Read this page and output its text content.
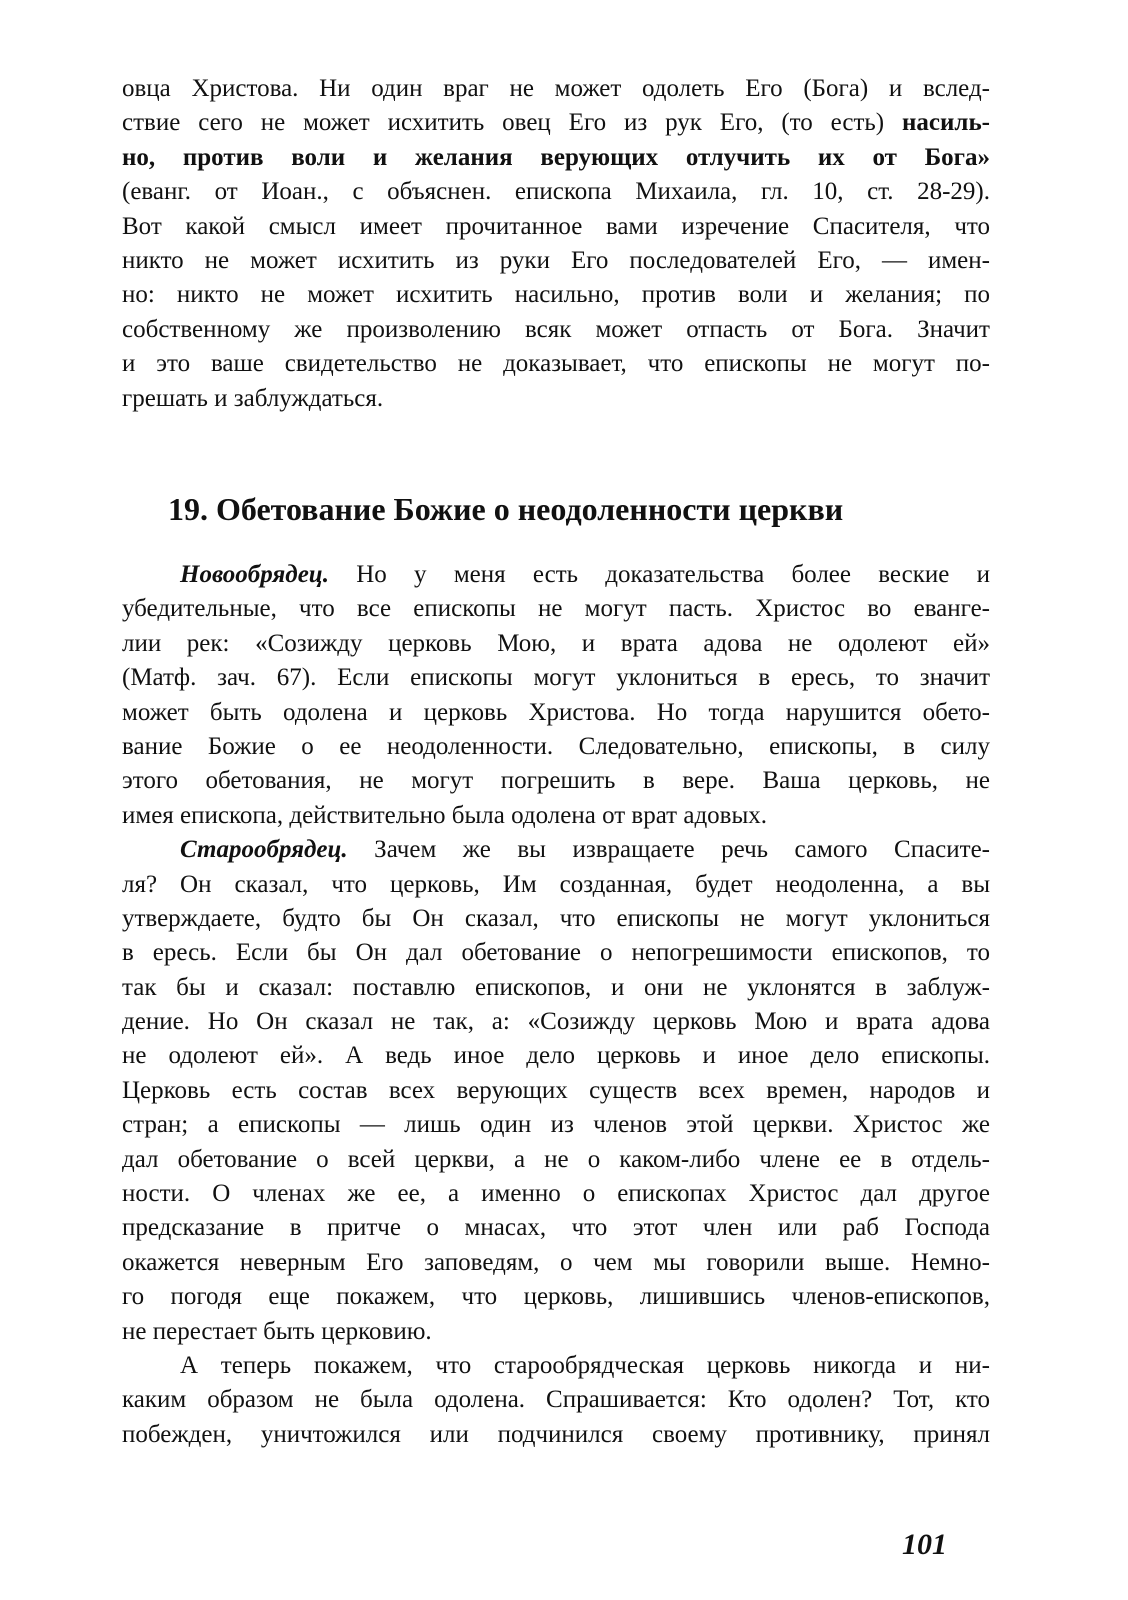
овца Христова. Ни один враг не может одолеть Его (Бога) и вслед-
ствие сего не может исхитить овец Его из рук Его, (то есть) насиль-
но, против воли и желания верующих отлучить их от Бога»
(еванг. от Иоан., с объяснен. епископа Михаила, гл. 10, ст. 28-29).
Вот какой смысл имеет прочитанное вами изречение Спасителя, что
никто не может исхитить из руки Его последователей Его, — имен-
но: никто не может исхитить насильно, против воли и желания; по
собственному же произволению всяк может отпасть от Бога. Значит
и это ваше свидетельство не доказывает, что епископы не могут по-
грешать и заблуждаться.
19. Обетование Божие о неодоленности церкви
Новообрядец. Но у меня есть доказательства более веские и
убедительные, что все епископы не могут пасть. Христос во еванге-
лии рек: «Созижду церковь Мою, и врата адова не одолеют ей»
(Матф. зач. 67). Если епископы могут уклониться в ересь, то значит
может быть одолена и церковь Христова. Но тогда нарушится обето-
вание Божие о ее неодоленности. Следовательно, епископы, в силу
этого обетования, не могут погрешить в вере. Ваша церковь, не
имея епископа, действительно была одолена от врат адовых.
Старообрядец. Зачем же вы извращаете речь самого Спасите-
ля? Он сказал, что церковь, Им созданная, будет неодоленна, а вы
утверждаете, будто бы Он сказал, что епископы не могут уклониться
в ересь. Если бы Он дал обетование о непогрешимости епископов, то
так бы и сказал: поставлю епископов, и они не уклонятся в заблуж-
дение. Но Он сказал не так, а: «Созижду церковь Мою и врата адова
не одолеют ей». А ведь иное дело церковь и иное дело епископы.
Церковь есть состав всех верующих существ всех времен, народов и
стран; а епископы — лишь один из членов этой церкви. Христос же
дал обетование о всей церкви, а не о каком-либо члене ее в отдель-
ности. О членах же ее, а именно о епископах Христос дал другое
предсказание в притче о мнасах, что этот член или раб Господа
окажется неверным Его заповедям, о чем мы говорили выше. Немно-
го погодя еще покажем, что церковь, лишившись членов-епископов,
не перестает быть церковию.
А теперь покажем, что старообрядческая церковь никогда и ни-
каким образом не была одолена. Спрашивается: Кто одолен? Тот, кто
побежден, уничтожился или подчинился своему противнику, принял
101
